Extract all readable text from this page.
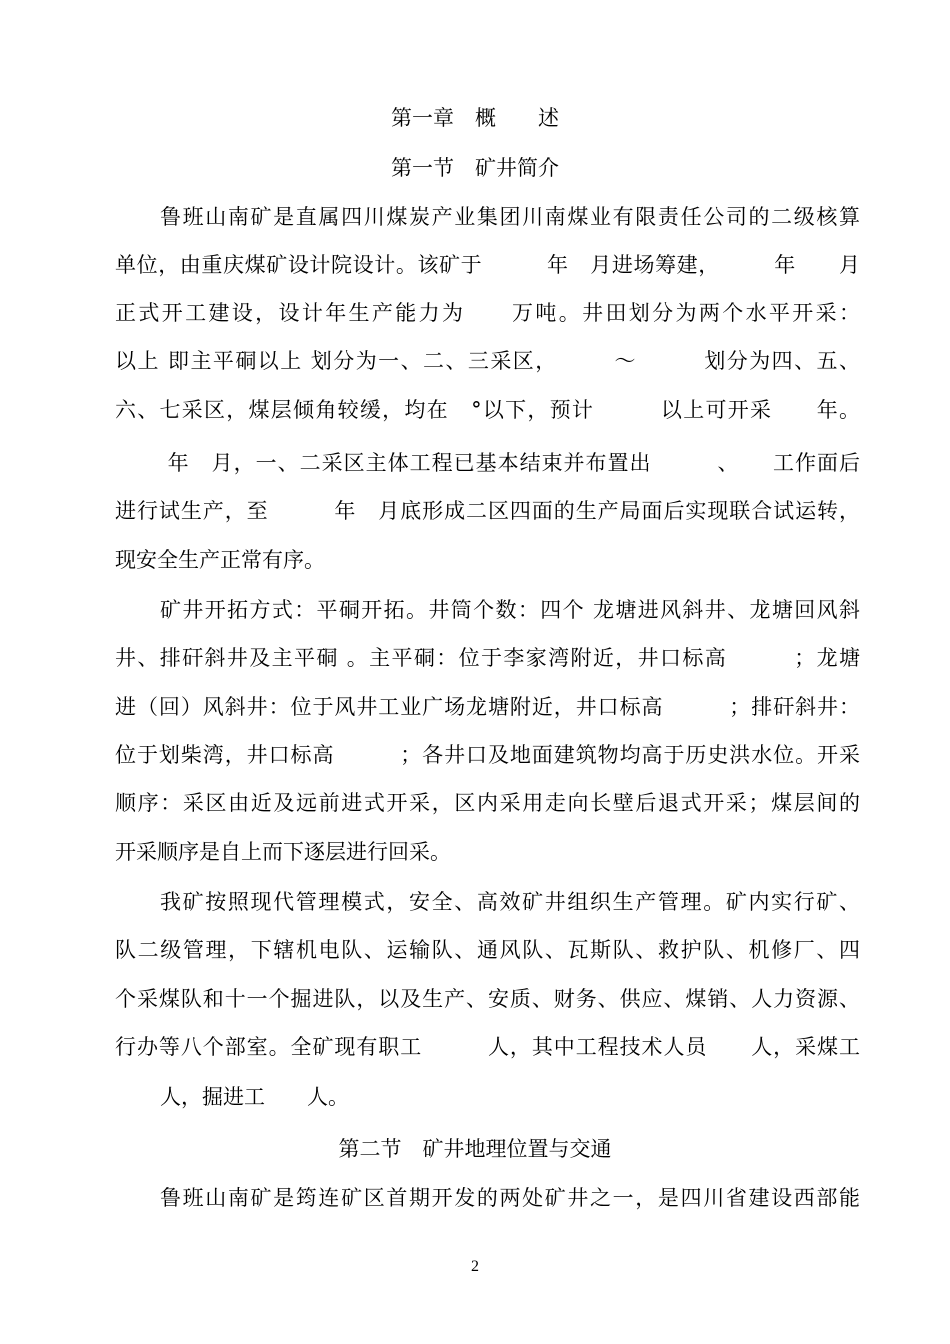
第一章　概　　述
第一节　矿井简介
鲁班山南矿是直属四川煤炭产业集团川南煤业有限责任公司的二级核算
单位，由重庆煤矿设计院设计。该矿于　　　年　月进场筹建，　　　年　　月
正式开工建设，设计年生产能力为　　万吨。井田划分为两个水平开采：
以上 即主平硐以上 划分为一、二、三采区，　　　～　　　划分为四、五、
六、七采区，煤层倾角较缓，均在　°以下，预计　　　以上可开采　　年。
年　月，一、二采区主体工程已基本结束并布置出　　　、　　工作面后
进行试生产，至　　　年　月底形成二区四面的生产局面后实现联合试运转，
现安全生产正常有序。
矿井开拓方式：平硐开拓。井筒个数：四个 龙塘进风斜井、龙塘回风斜
井、排矸斜井及主平硐 。主平硐：位于李家湾附近，井口标高　　　；龙塘
进（回）风斜井：位于风井工业广场龙塘附近，井口标高　　　；排矸斜井：
位于划柴湾，井口标高　　　；各井口及地面建筑物均高于历史洪水位。开采
顺序：采区由近及远前进式开采，区内采用走向长壁后退式开采；煤层间的
开采顺序是自上而下逐层进行回采。
我矿按照现代管理模式，安全、高效矿井组织生产管理。矿内实行矿、
队二级管理，下辖机电队、运输队、通风队、瓦斯队、救护队、机修厂、四
个采煤队和十一个掘进队，以及生产、安质、财务、供应、煤销、人力资源、
行办等八个部室。全矿现有职工　　　人，其中工程技术人员　　人，采煤工
人，掘进工　　人。
第二节　矿井地理位置与交通
鲁班山南矿是筠连矿区首期开发的两处矿井之一，是四川省建设西部能
2
